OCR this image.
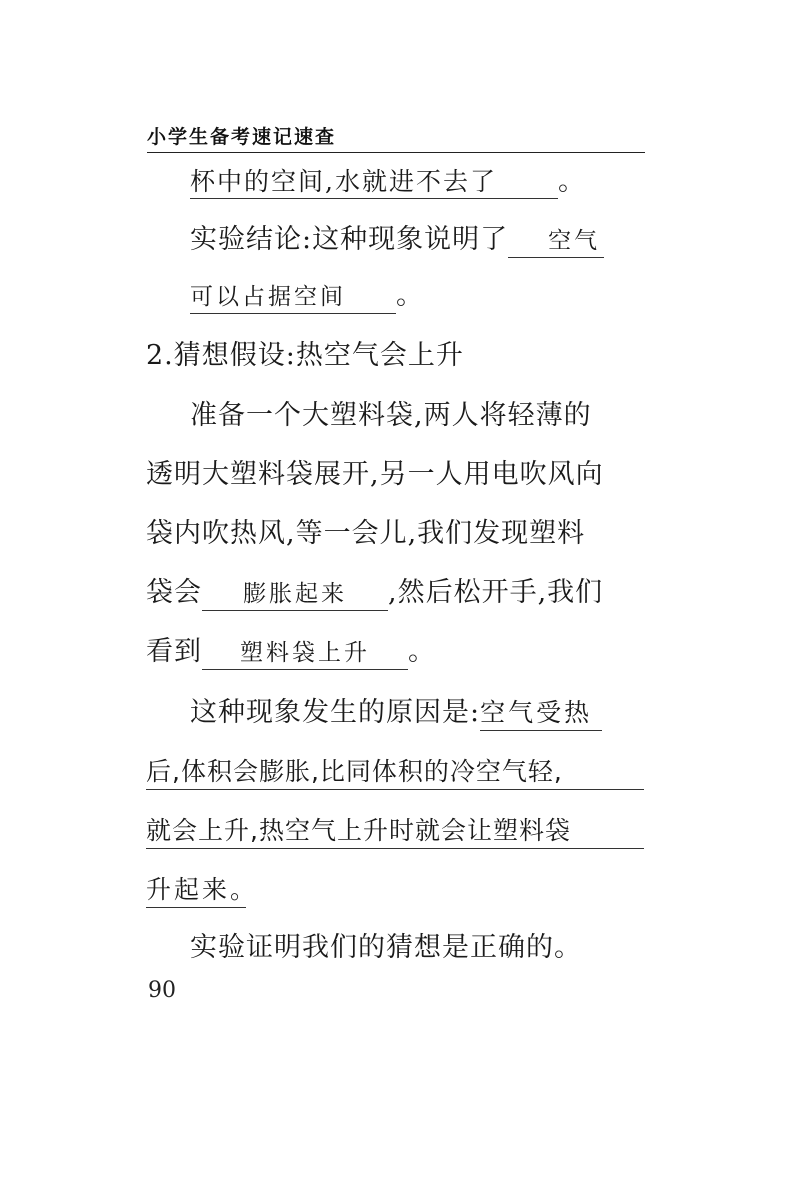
小学生备考速记速查
杯中的空间,水就进不去了 。
实验结论:这种现象说明了 空气
可以占据空间 。
2.猜想假设:热空气会上升
准备一个大塑料袋,两人将轻薄的
透明大塑料袋展开,另一人用电吹风向
袋内吹热风,等一会儿,我们发现塑料
袋会 膨胀起来 ,然后松开手,我们
看到 塑料袋上升 。
这种现象发生的原因是:空气受热
后,体积会膨胀,比同体积的冷空气轻,
就会上升,热空气上升时就会让塑料袋
升起来。
实验证明我们的猜想是正确的。
90
